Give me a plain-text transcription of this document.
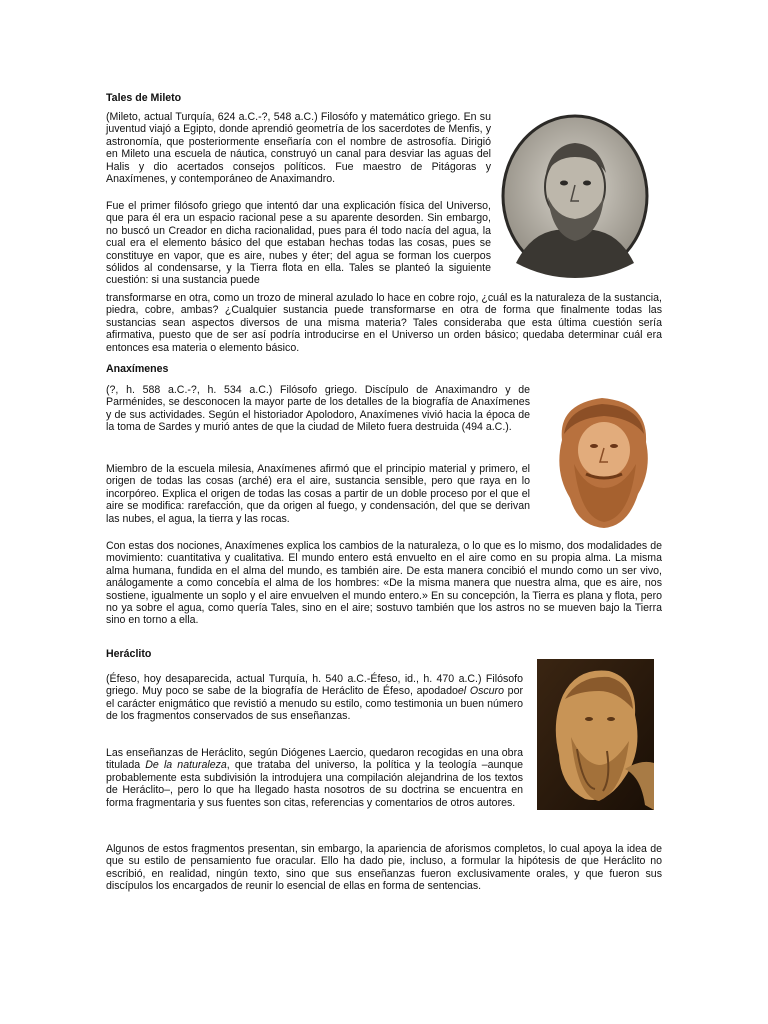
Tales de Mileto

(Mileto, actual Turquía, 624 a.C.-?, 548 a.C.) Filosófo y matemático griego. En su juventud viajó a Egipto, donde aprendió geometría de los sacerdotes de Menfis, y astronomía, que posteriormente enseñaría con el nombre de astrosofía. Dirigió en Mileto una escuela de náutica, construyó un canal para desviar las aguas del Halis y dio acertados consejos políticos. Fue maestro de Pitágoras y Anaxímenes, y contemporáneo de Anaximandro.

Fue el primer filósofo griego que intentó dar una explicación física del Universo, que para él era un espacio racional pese a su aparente desorden. Sin embargo, no buscó un Creador en dicha racionalidad, pues para él todo nacía del agua, la cual era el elemento básico del que estaban hechas todas las cosas, pues se constituye en vapor, que es aire, nubes y éter; del agua se forman los cuerpos sólidos al condensarse, y la Tierra flota en ella. Tales se planteó la siguiente cuestión: si una sustancia puede

transformarse en otra, como un trozo de mineral azulado lo hace en cobre rojo, ¿cuál es la naturaleza de la sustancia, piedra, cobre, ambas? ¿Cualquier sustancia puede transformarse en otra de forma que finalmente todas las sustancias sean aspectos diversos de una misma materia? Tales consideraba que esta última cuestión sería afirmativa, puesto que de ser así podría introducirse en el Universo un orden básico; quedaba determinar cuál era entonces esa materia o elemento básico.

Anaxímenes

(?, h. 588 a.C.-?, h. 534 a.C.) Filósofo griego. Discípulo de Anaximandro y de Parménides, se desconocen la mayor parte de los detalles de la biografía de Anaxímenes y de sus actividades. Según el historiador Apolodoro, Anaxímenes vivió hacia la época de la toma de Sardes y murió antes de que la ciudad de Mileto fuera destruida (494 a.C.).

Miembro de la escuela milesia, Anaxímenes afirmó que el principio material y primero, el origen de todas las cosas (arché) era el aire, sustancia sensible, pero que raya en lo incorpóreo. Explica el origen de todas las cosas a partir de un doble proceso por el que el aire se modifica: rarefacción, que da origen al fuego, y condensación, del que se derivan las nubes, el agua, la tierra y las rocas.

Con estas dos nociones, Anaxímenes explica los cambios de la naturaleza, o lo que es lo mismo, dos modalidades de movimiento: cuantitativa y cualitativa. El mundo entero está envuelto en el aire como en su propia alma. La misma alma humana, fundida en el alma del mundo, es también aire. De esta manera concibió el mundo como un ser vivo, análogamente a como concebía el alma de los hombres: «De la misma manera que nuestra alma, que es aire, nos sostiene, igualmente un soplo y el aire envuelven el mundo entero.» En su concepción, la Tierra es plana y flota, pero no ya sobre el agua, como quería Tales, sino en el aire; sostuvo también que los astros no se mueven bajo la Tierra sino en torno a ella.

Heráclito

(Éfeso, hoy desaparecida, actual Turquía, h. 540 a.C.-Éfeso, id., h. 470 a.C.) Filósofo griego. Muy poco se sabe de la biografía de Heráclito de Éfeso, apodadoel Oscuro por el carácter enigmático que revistió a menudo su estilo, como testimonia un buen número de los fragmentos conservados de sus enseñanzas.

Las enseñanzas de Heráclito, según Diógenes Laercio, quedaron recogidas en una obra titulada De la naturaleza, que trataba del universo, la política y la teología –aunque probablemente esta subdivisión la introdujera una compilación alejandrina de los textos de Heráclito–, pero lo que ha llegado hasta nosotros de su doctrina se encuentra en forma fragmentaria y sus fuentes son citas, referencias y comentarios de otros autores.

Algunos de estos fragmentos presentan, sin embargo, la apariencia de aforismos completos, lo cual apoya la idea de que su estilo de pensamiento fue oracular. Ello ha dado pie, incluso, a formular la hipótesis de que Heráclito no escribió, en realidad, ningún texto, sino que sus enseñanzas fueron exclusivamente orales, y que fueron sus discípulos los encargados de reunir lo esencial de ellas en forma de sentencias.
